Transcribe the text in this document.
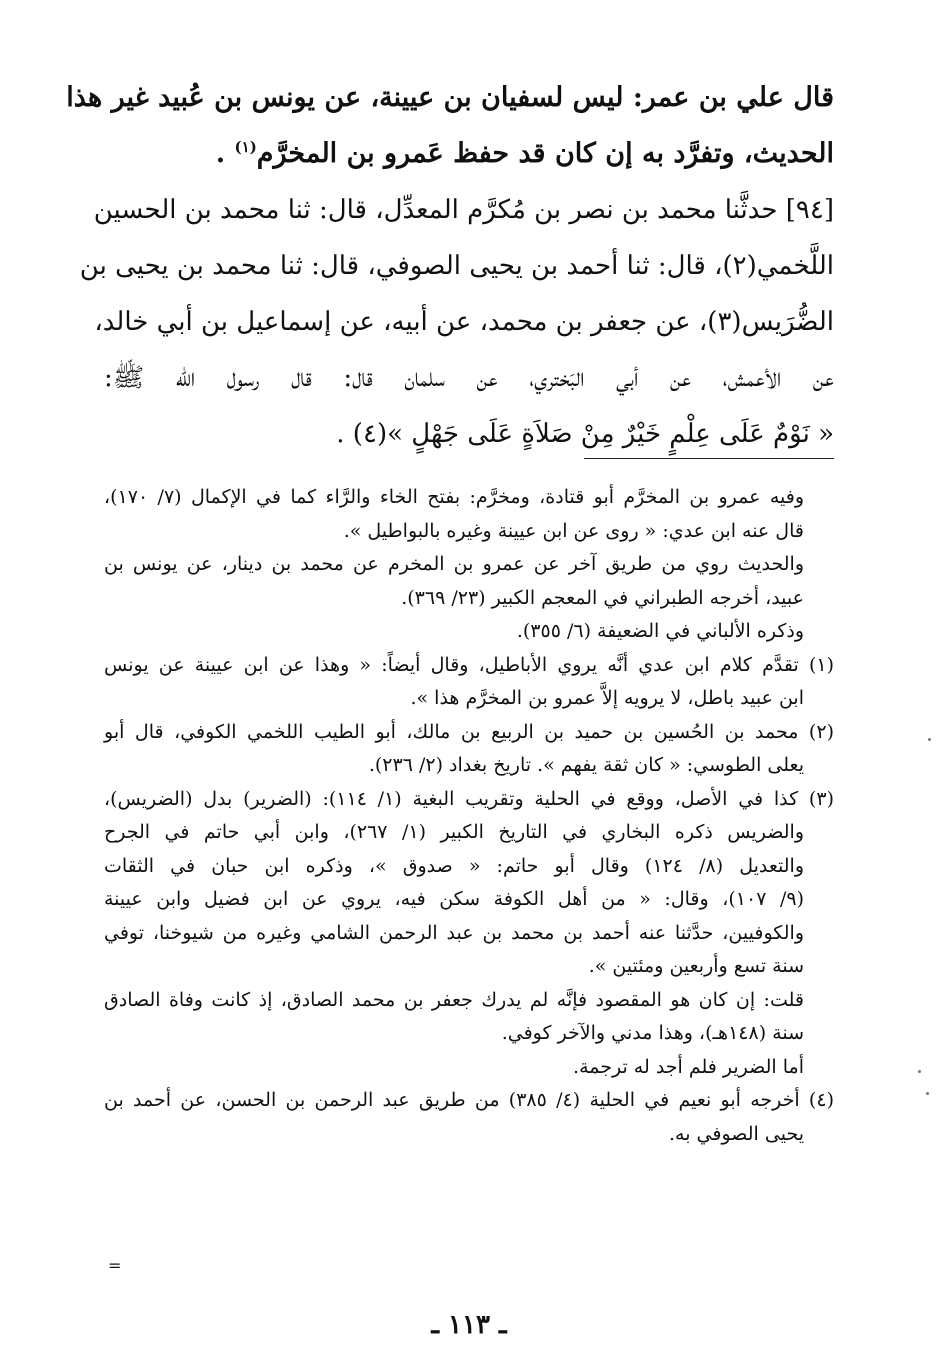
قال علي بن عمر: ليس لسفيان بن عيينة، عن يونس بن عُبيد غير هذا
الحديث، وتفرَّد به إن كان قد حفظ عَمرو بن المخرَّم$^{(١)}$ .
[٩٤] حدثَّنا محمد بن نصر بن مُكرَّم المعدِّل، قال: ثنا محمد بن الحسين
اللَّخمي(٢)، قال: ثنا أحمد بن يحيى الصوفي، قال: ثنا محمد بن يحيى بن
الضُّرَيس(٣)، عن جعفر بن محمد، عن أبيه، عن إسماعيل بن أبي خالد،
عن الأعمش، عن أبي البَختري، عن سلمان قال: قال رسول الله ﷺ:
« نَوْمٌ عَلَى عِلْمٍ خَيْرٌ مِنْ صَلاَةٍ عَلَى جَهْلٍ »(٤) .
وفيه عمرو بن المخرَّم أبو قتادة، ومخرَّم: بفتح الخاء والرَّاء كما في الإكمال (٧/ ١٧٠)،
قال عنه ابن عدي: « روى عن ابن عيينة وغيره بالبواطيل ».
والحديث روي من طريق آخر عن عمرو بن المخرم عن محمد بن دينار، عن يونس بن
عبيد، أخرجه الطبراني في المعجم الكبير (٢٣/ ٣٦٩).
وذكره الألباني في الضعيفة (٦/ ٣٥٥).
(١) تقدَّم كلام ابن عدي أنَّه يروي الأباطيل، وقال أيضاً: « وهذا عن ابن عيينة عن يونس
ابن عبيد باطل، لا يرويه إلاَّ عمرو بن المخرَّم هذا ».
(٢) محمد بن الحُسين بن حميد بن الربيع بن مالك، أبو الطيب اللخمي الكوفي، قال أبو
يعلى الطوسي: « كان ثقة يفهم ». تاريخ بغداد (٢/ ٢٣٦).
(٣) كذا في الأصل، ووقع في الحلية وتقريب البغية (١/ ١١٤): (الضرير) بدل (الضريس)،
والضريس ذكره البخاري في التاريخ الكبير (١/ ٢٦٧)، وابن أبي حاتم في الجرح
والتعديل (٨/ ١٢٤) وقال أبو حاتم: « صدوق »، وذكره ابن حبان في الثقات
(٩/ ١٠٧)، وقال: « من أهل الكوفة سكن فيه، يروي عن ابن فضيل وابن عيينة
والكوفيين، حدَّثنا عنه أحمد بن محمد بن عبد الرحمن الشامي وغيره من شيوخنا، توفي
سنة تسع وأربعين ومئتين ».
قلت: إن كان هو المقصود فإنَّه لم يدرك جعفر بن محمد الصادق، إذ كانت وفاة الصادق
سنة (١٤٨هـ)، وهذا مدني والآخر كوفي.
أما الضرير فلم أجد له ترجمة.
(٤) أخرجه أبو نعيم في الحلية (٤/ ٣٨٥) من طريق عبد الرحمن بن الحسن، عن أحمد بن
يحيى الصوفي به.
=
ـ ١١٣ ـ
